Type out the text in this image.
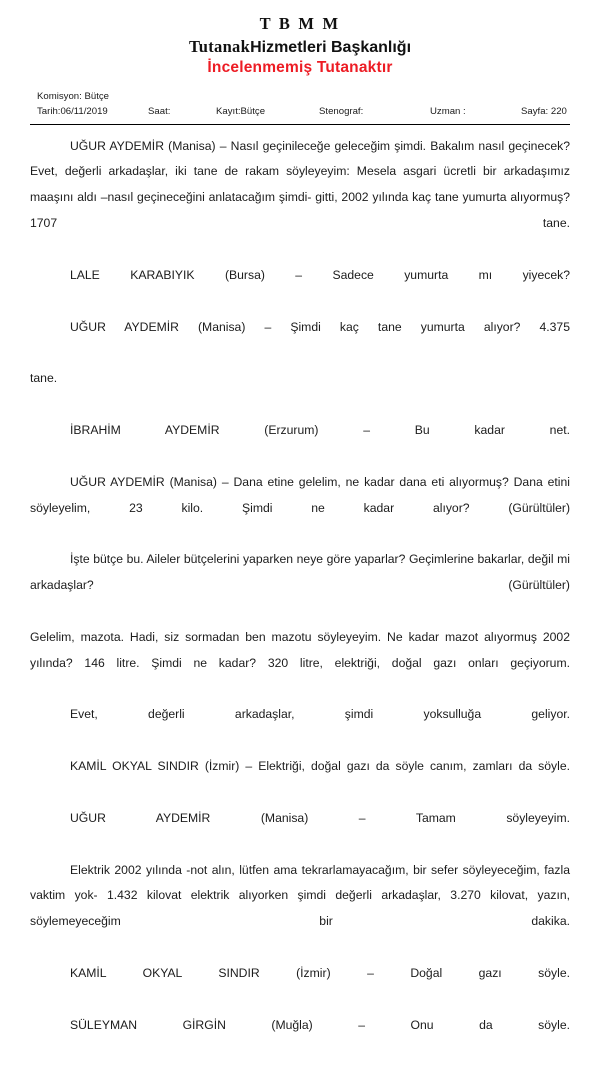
T B M M
TutanakHizmetleri Başkanlığı
İncelenmemiş Tutanaktır
Komisyon: Bütçe
Tarih:06/11/2019	Saat:	Kayıt:Bütçe	Stenograf:	Uzman :	Sayfa: 220

UĞUR AYDEMİR (Manisa) – Nasıl geçinileceğe geleceğim şimdi. Bakalım nasıl geçinecek? Evet, değerli arkadaşlar, iki tane de rakam söyleyeyim: Mesela asgari ücretli bir arkadaşımız maaşını aldı –nasıl geçineceğini anlatacağım şimdi- gitti, 2002 yılında kaç tane yumurta alıyormuş? 1707 tane.

LALE KARABIYIK (Bursa) – Sadece yumurta mı yiyecek?

UĞUR AYDEMİR (Manisa) – Şimdi kaç tane yumurta alıyor? 4.375

tane.

İBRAHİM AYDEMİR (Erzurum) – Bu kadar net.

UĞUR AYDEMİR (Manisa) – Dana etine gelelim, ne kadar dana eti alıyormuş? Dana etini söyleyelim, 23 kilo. Şimdi ne kadar alıyor? (Gürültüler)

İşte bütçe bu. Aileler bütçelerini yaparken neye göre yaparlar? Geçimlerine bakarlar, değil mi arkadaşlar? (Gürültüler)

Gelelim, mazota. Hadi, siz sormadan ben mazotu söyleyeyim. Ne kadar mazot alıyormuş 2002 yılında? 146 litre. Şimdi ne kadar? 320 litre, elektriği, doğal gazı onları geçiyorum.

Evet, değerli arkadaşlar, şimdi yoksulluğa geliyor.

KAMİL OKYAL SINDIR (İzmir) – Elektriği, doğal gazı da söyle canım, zamları da söyle.

UĞUR AYDEMİR (Manisa) – Tamam söyleyeyim.

Elektrik 2002 yılında -not alın, lütfen ama tekrarlamayacağım, bir sefer söyleyeceğim, fazla vaktim yok- 1.432 kilovat elektrik alıyorken şimdi değerli arkadaşlar, 3.270 kilovat, yazın, söylemeyeceğim bir dakika.

KAMİL OKYAL SINDIR (İzmir) – Doğal gazı söyle.

SÜLEYMAN GİRGİN (Muğla) – Onu da söyle.
